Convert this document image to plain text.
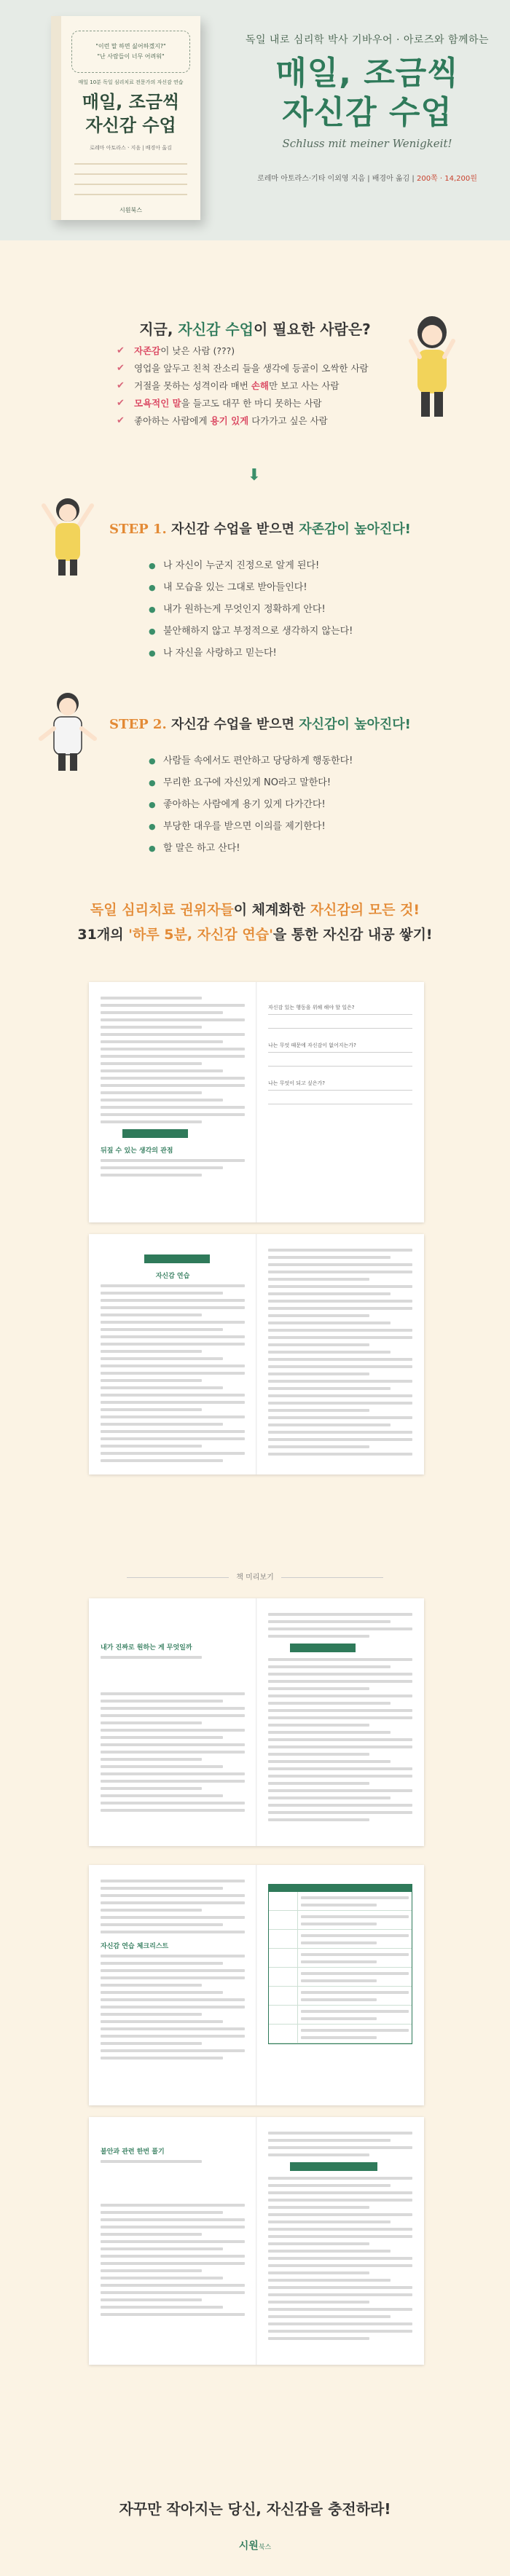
"이런 말 하면 싫어하겠지?"
"난 사람들이 너무 어려워"
매일 10분 독일 심리치료 전문가의 자신감 연습
매일, 조금씩
자신감 수업
로레마 아토라스ㆍ지음 | 배경아 옮김
시원북스
독일 내로 심리학 박사 기바우어 · 아로즈와 함께하는
매일, 조금씩
자신감 수업
Schluss mit meiner Wenigkeit!
로레마 아토라스·기타 이외영 지음 | 배경아 옮김 | 200쪽 · 14,200원
지금, 자신감 수업이 필요한 사람은?
✔ 자존감이 낮은 사람 (???)
✔ 영업을 앞두고 친척 잔소리 들을 생각에 등골이 오싹한 사람
✔ 거절을 못하는 성격이라 매번 손해만 보고 사는 사람
✔ 모욕적인 말을 들고도 대꾸 한 마디 못하는 사람
✔ 좋아하는 사람에게 용기 있게 다가가고 싶은 사람
⬇
STEP 1. 자신감 수업을 받으면 자존감이 높아진다!
● 나 자신이 누군지 진정으로 알게 된다!
● 내 모습을 있는 그대로 받아들인다!
● 내가 원하는게 무엇인지 정확하게 안다!
● 불안해하지 않고 부정적으로 생각하지 않는다!
● 나 자신을 사랑하고 믿는다!
STEP 2. 자신감 수업을 받으면 자신감이 높아진다!
● 사람들 속에서도 편안하고 당당하게 행동한다!
● 무리한 요구에 자신있게 NO라고 말한다!
● 좋아하는 사람에게 용기 있게 다가간다!
● 부당한 대우를 받으면 이의를 제기한다!
● 할 말은 하고 산다!
독일 심리치료 권위자들이 체계화한 자신감의 모든 것!
31개의 '하루 5분, 자신감 연습'을 통한 자신감 내공 쌓기!
뒤짚 수 있는 생각의 관점
자신감 있는 행동을 위해 해야 할 일은?
나는 무엇 때문에 자신감이 없어지는가?
나는 무엇이 되고 싶은가?
자신감 연습
책 미리보기
내가 진짜로 원하는 게 무엇일까
자신감 연습 체크리스트
불안과 관련 한번 풀기
자꾸만 작아지는 당신, 자신감을 충전하라!
시원북스
